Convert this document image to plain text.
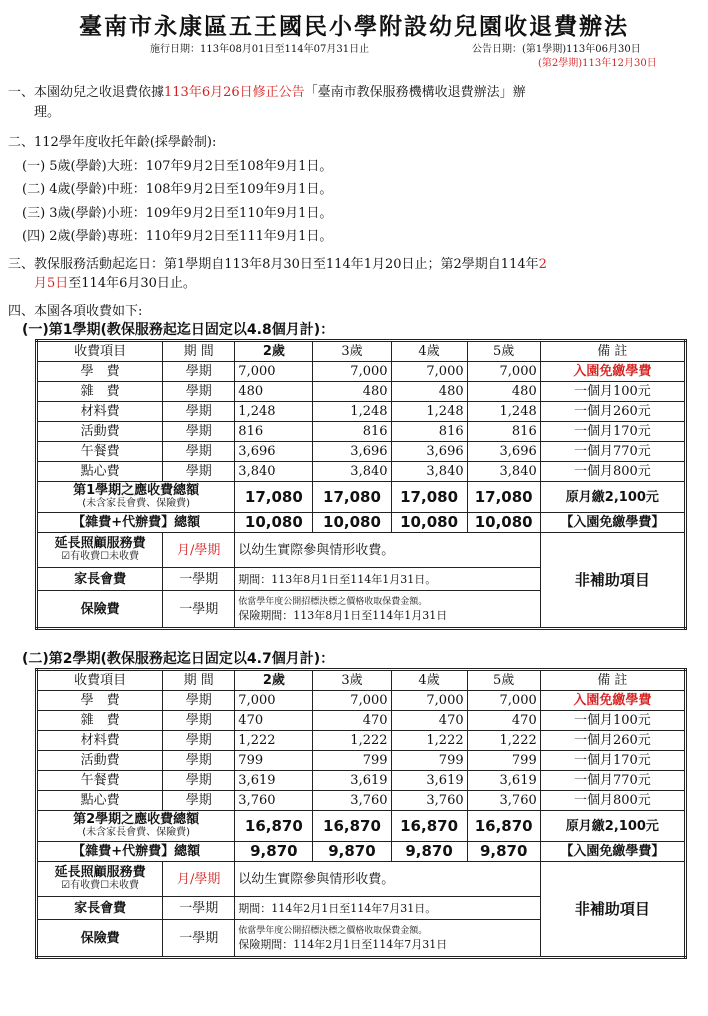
臺南市永康區五王國民小學附設幼兒園收退費辦法
施行日期：113年08月01日至114年07月31日止	公告日期：(第1學期)113年06月30日
(第2學期)113年12月30日
一、本園幼兒之收退費依據113年6月26日修正公告「臺南市教保服務機構收退費辦法」辦
理。
二、112學年度收托年齡(採學齡制):
(一) 5歲(學齡)大班：107年9月2日至108年9月1日。
(二) 4歲(學齡)中班：108年9月2日至109年9月1日。
(三) 3歲(學齡)小班：109年9月2日至110年9月1日。
(四) 2歲(學齡)專班：110年9月2日至111年9月1日。
三、教保服務活動起迄日：第1學期自113年8月30日至114年1月20日止；第2學期自114年2
月5日至114年6月30日止。
四、本園各項收費如下:
(一)第1學期(教保服務起迄日固定以4.8個月計)：
收費項目	期 間	2歲	3歲	4歲	5歲	備 註
學　費	學期	7,000	7,000	7,000	7,000	入園免繳學費
雜　費	學期	480	480	480	480	一個月100元
材料費	學期	1,248	1,248	1,248	1,248	一個月260元
活動費	學期	816	816	816	816	一個月170元
午餐費	學期	3,696	3,696	3,696	3,696	一個月770元
點心費	學期	3,840	3,840	3,840	3,840	一個月800元
第1學期之應收費總額
(未含家長會費、保險費)		17,080	17,080	17,080	17,080	原月繳2,100元
【雜費+代辦費】總額		10,080	10,080	10,080	10,080	【入園免繳學費】
延長照顧服務費
☑有收費☐未收費	月/學期	以幼生實際參與情形收費。				非補助項目
家長會費	一學期	期間：113年8月1日至114年1月31日。				
保險費	一學期	依當學年度公開招標決標之價格收取保費金額。
保險期間：113年8月1日至114年1月31日				
(二)第2學期(教保服務起迄日固定以4.7個月計)：
收費項目	期 間	2歲	3歲	4歲	5歲	備 註
學　費	學期	7,000	7,000	7,000	7,000	入園免繳學費
雜　費	學期	470	470	470	470	一個月100元
材料費	學期	1,222	1,222	1,222	1,222	一個月260元
活動費	學期	799	799	799	799	一個月170元
午餐費	學期	3,619	3,619	3,619	3,619	一個月770元
點心費	學期	3,760	3,760	3,760	3,760	一個月800元
第2學期之應收費總額
(未含家長會費、保險費)		16,870	16,870	16,870	16,870	原月繳2,100元
【雜費+代辦費】總額		9,870	9,870	9,870	9,870	【入園免繳學費】
延長照顧服務費
☑有收費☐未收費	月/學期	以幼生實際參與情形收費。				非補助項目
家長會費	一學期	期間：114年2月1日至114年7月31日。				
保險費	一學期	依當學年度公開招標決標之價格收取保費金額。
保險期間：114年2月1日至114年7月31日				
